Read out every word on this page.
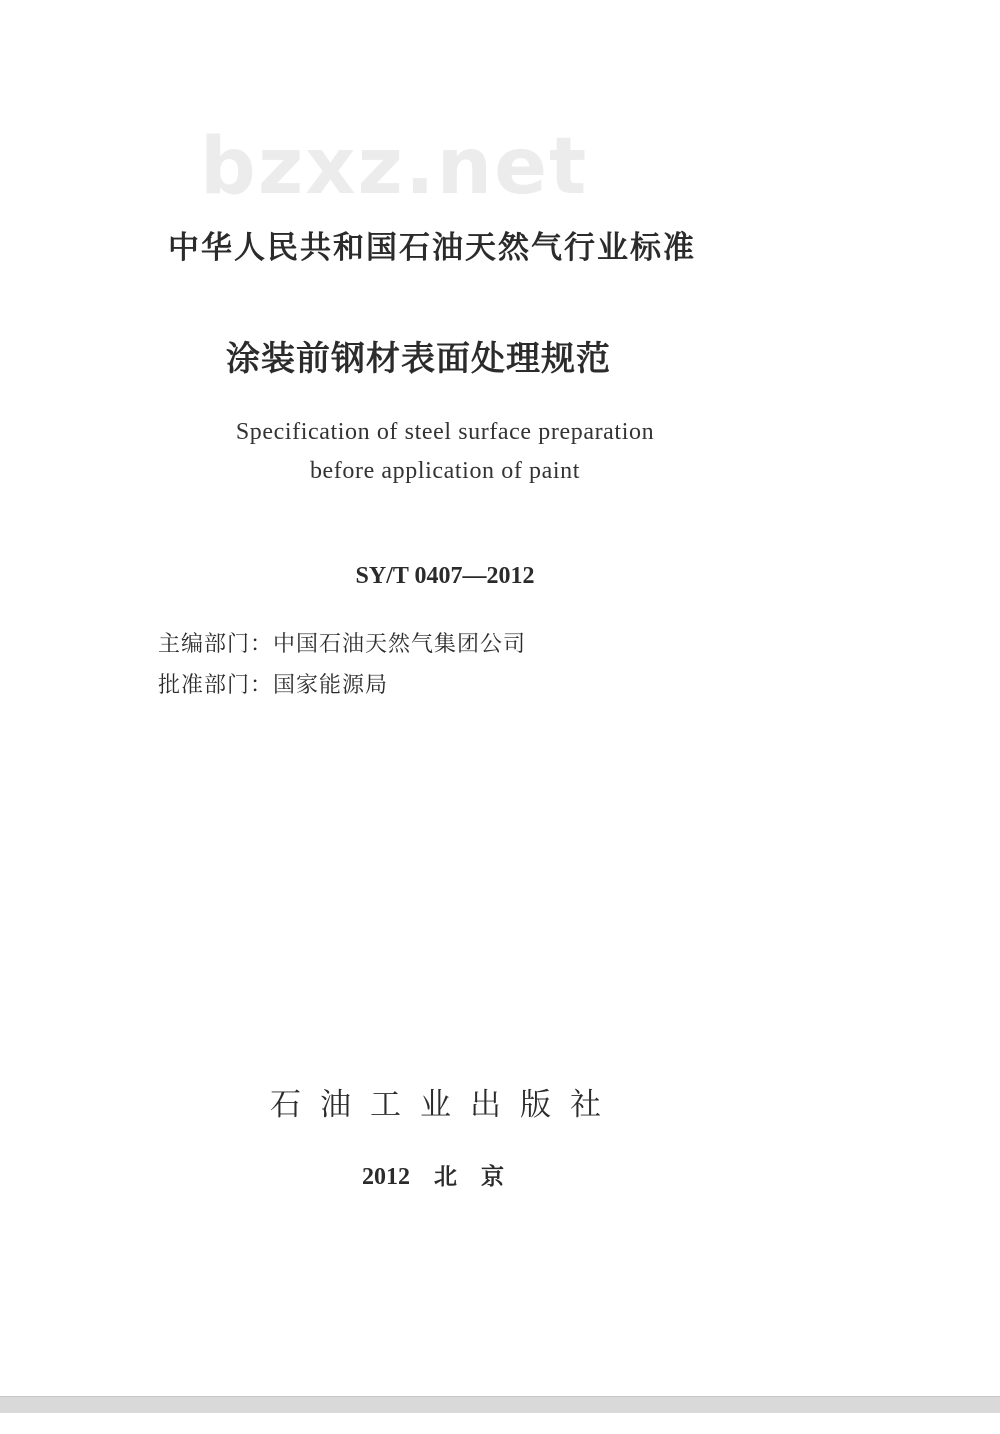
bzxz.net
中华人民共和国石油天然气行业标准
涂装前钢材表面处理规范
Specification of steel surface preparation
before application of paint
SY/T 0407—2012
主编部门：中国石油天然气集团公司
批准部门：国家能源局
石油工业出版社
2012 北京
